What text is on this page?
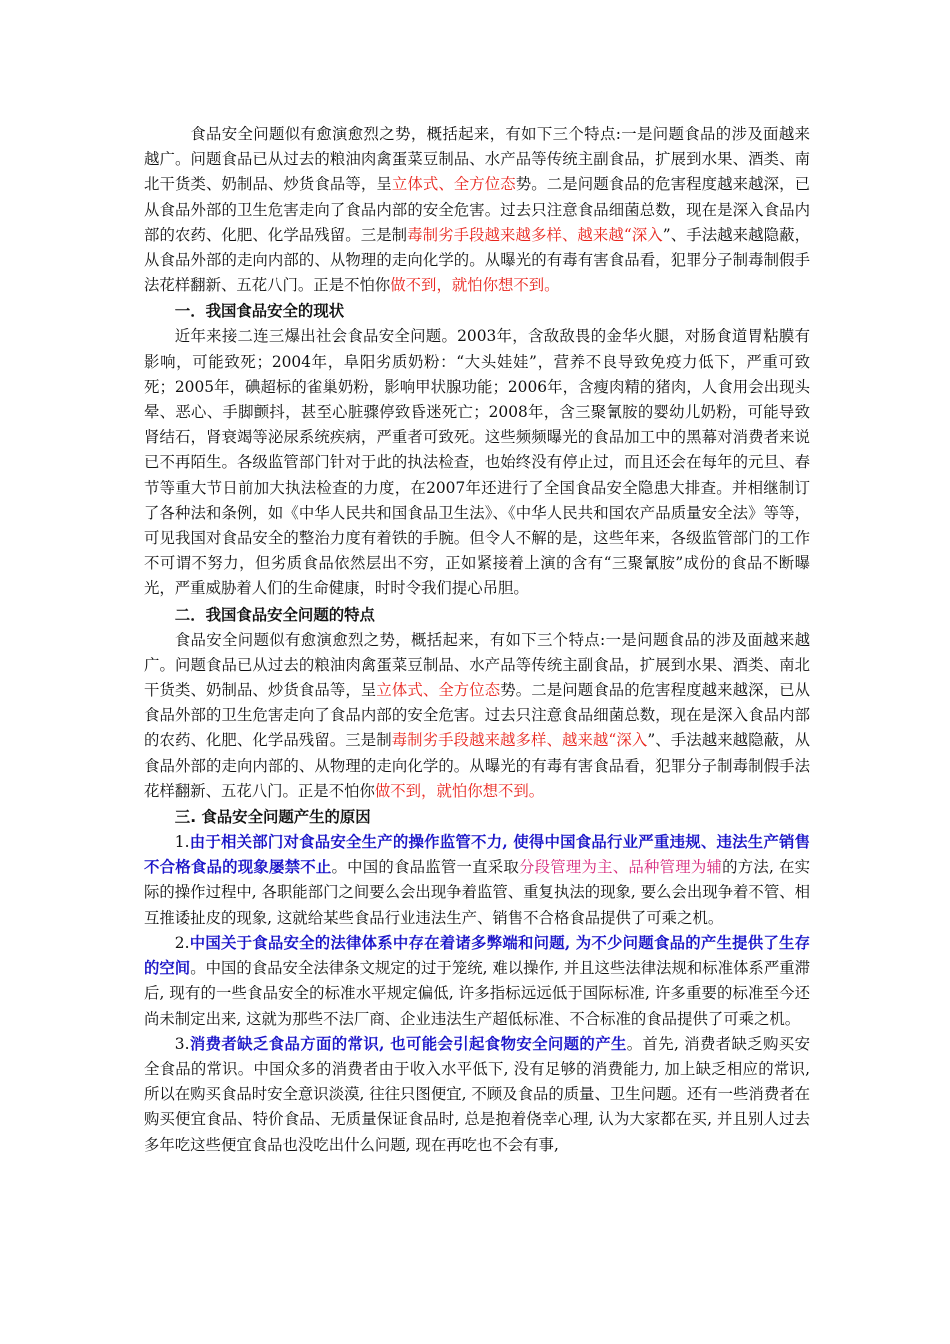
食品安全问题似有愈演愈烈之势，概括起来，有如下三个特点:一是问题食品的涉及面越来越广。问题食品已从过去的粮油肉禽蛋菜豆制品、水产品等传统主副食品，扩展到水果、酒类、南北干货类、奶制品、炒货食品等，呈立体式、全方位态势。二是问题食品的危害程度越来越深，已从食品外部的卫生危害走向了食品内部的安全危害。过去只注意食品细菌总数，现在是深入食品内部的农药、化肥、化学品残留。三是制毒制劣手段越来越多样、越来越“深入”、手法越来越隐蔽，从食品外部的走向内部的、从物理的走向化学的。从曝光的有毒有害食品看，犯罪分子制毒制假手法花样翻新、五花八门。正是不怕你做不到，就怕你想不到。

一．我国食品安全的现状

近年来接二连三爆出社会食品安全问题。2003年，含敌敌畏的金华火腿，对肠食道胃粘膜有影响，可能致死；2004年，阜阳劣质奶粉：“大头娃娃”，营养不良导致免疫力低下，严重可致死；2005年，碘超标的雀巢奶粉，影响甲状腺功能；2006年，含瘦肉精的猪肉，人食用会出现头晕、恶心、手脚颤抖，甚至心脏骤停致昏迷死亡；2008年，含三聚氰胺的婴幼儿奶粉，可能导致肾结石，肾衰竭等泌尿系统疾病，严重者可致死。这些频频曝光的食品加工中的黑幕对消费者来说已不再陌生。各级监管部门针对于此的执法检查，也始终没有停止过，而且还会在每年的元旦、春节等重大节日前加大执法检查的力度，在2007年还进行了全国食品安全隐患大排查。并相继制订了各种法和条例，如《中华人民共和国食品卫生法》、《中华人民共和国农产品质量安全法》等等，可见我国对食品安全的整治力度有着铁的手腕。但令人不解的是，这些年来，各级监管部门的工作不可谓不努力，但劣质食品依然层出不穷，正如紧接着上演的含有“三聚氰胺”成份的食品不断曝光，严重威胁着人们的生命健康，时时令我们提心吊胆。

二．我国食品安全问题的特点

食品安全问题似有愈演愈烈之势，概括起来，有如下三个特点:一是问题食品的涉及面越来越广。问题食品已从过去的粮油肉禽蛋菜豆制品、水产品等传统主副食品，扩展到水果、酒类、南北干货类、奶制品、炒货食品等，呈立体式、全方位态势。二是问题食品的危害程度越来越深，已从食品外部的卫生危害走向了食品内部的安全危害。过去只注意食品细菌总数，现在是深入食品内部的农药、化肥、化学品残留。三是制毒制劣手段越来越多样、越来越“深入”、手法越来越隐蔽，从食品外部的走向内部的、从物理的走向化学的。从曝光的有毒有害食品看，犯罪分子制毒制假手法花样翻新、五花八门。正是不怕你做不到，就怕你想不到。

三. 食品安全问题产生的原因

1.由于相关部门对食品安全生产的操作监管不力, 使得中国食品行业严重违规、违法生产销售不合格食品的现象屡禁不止。中国的食品监管一直采取分段管理为主、品种管理为辅的方法, 在实际的操作过程中, 各职能部门之间要么会出现争着监管、重复执法的现象, 要么会出现争着不管、相互推诿扯皮的现象, 这就给某些食品行业违法生产、销售不合格食品提供了可乘之机。

2.中国关于食品安全的法律体系中存在着诸多弊端和问题, 为不少问题食品的产生提供了生存的空间。中国的食品安全法律条文规定的过于笼统, 难以操作, 并且这些法律法规和标准体系严重滞后, 现有的一些食品安全的标准水平规定偏低, 许多指标远远低于国际标准, 许多重要的标准至今还尚未制定出来, 这就为那些不法厂商、企业违法生产超低标准、不合标准的食品提供了可乘之机。

3.消费者缺乏食品方面的常识, 也可能会引起食物安全问题的产生。首先, 消费者缺乏购买安全食品的常识。中国众多的消费者由于收入水平低下, 没有足够的消费能力, 加上缺乏相应的常识, 所以在购买食品时安全意识淡漠, 往往只图便宜, 不顾及食品的质量、卫生问题。还有一些消费者在购买便宜食品、特价食品、无质量保证食品时, 总是抱着侥幸心理, 认为大家都在买, 并且别人过去多年吃这些便宜食品也没吃出什么问题, 现在再吃也不会有事,
